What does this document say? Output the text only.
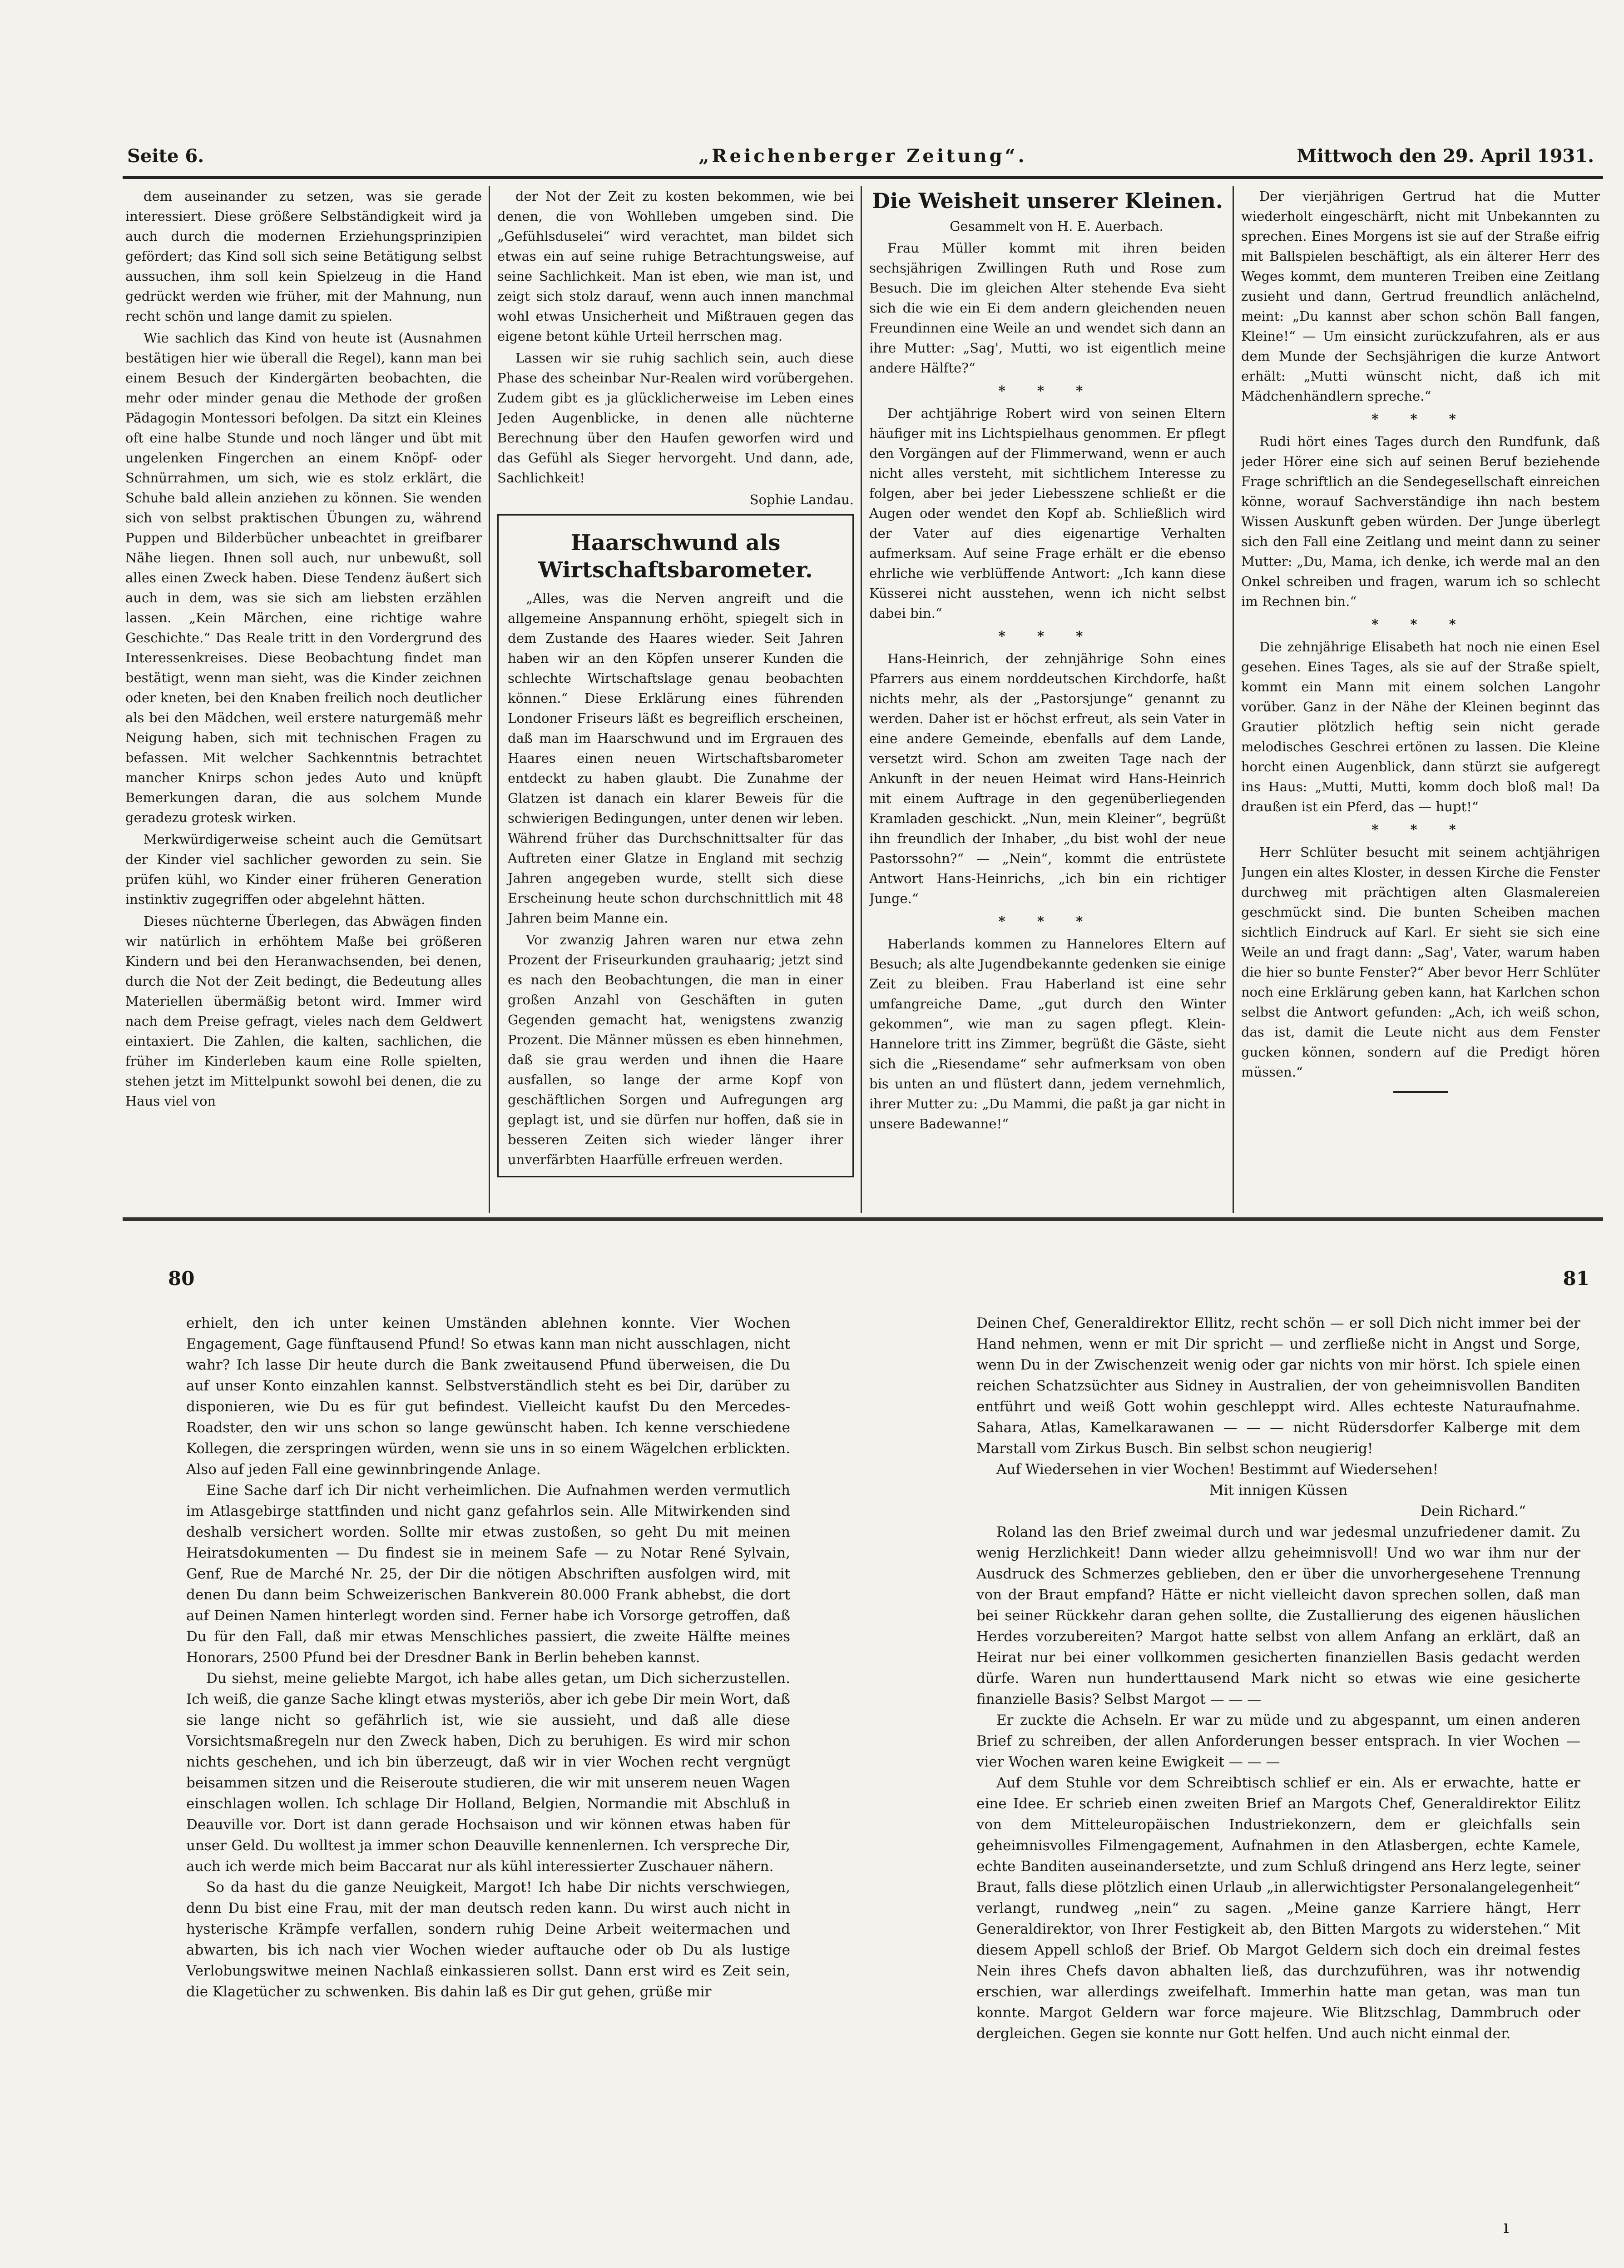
Seite 6.	„Reichenberger Zeitung“.	Mittwoch den 29. April 1931.

dem auseinander zu setzen, was sie gerade interessiert. Diese größere Selbständigkeit wird ja auch durch die modernen Erziehungsprinzipien gefördert; das Kind soll sich seine Betätigung selbst aussuchen, ihm soll kein Spielzeug in die Hand gedrückt werden wie früher, mit der Mahnung, nun recht schön und lange damit zu spielen.

Wie sachlich das Kind von heute ist (Ausnahmen bestätigen hier wie überall die Regel), kann man bei einem Besuch der Kindergärten beobachten, die mehr oder minder genau die Methode der großen Pädagogin Montessori befolgen. Da sitzt ein Kleines oft eine halbe Stunde und noch länger und übt mit ungelenken Fingerchen an einem Knöpf- oder Schnürrahmen, um sich, wie es stolz erklärt, die Schuhe bald allein anziehen zu können. Sie wenden sich von selbst praktischen Übungen zu, während Puppen und Bilderbücher unbeachtet in greifbarer Nähe liegen. Ihnen soll auch, nur unbewußt, soll alles einen Zweck haben. Diese Tendenz äußert sich auch in dem, was sie sich am liebsten erzählen lassen. „Kein Märchen, eine richtige wahre Geschichte.“ Das Reale tritt in den Vordergrund des Interessenkreises. Diese Beobachtung findet man bestätigt, wenn man sieht, was die Kinder zeichnen oder kneten, bei den Knaben freilich noch deutlicher als bei den Mädchen, weil erstere naturgemäß mehr Neigung haben, sich mit technischen Fragen zu befassen. Mit welcher Sachkenntnis betrachtet mancher Knirps schon jedes Auto und knüpft Bemerkungen daran, die aus solchem Munde geradezu grotesk wirken.

Merkwürdigerweise scheint auch die Gemütsart der Kinder viel sachlicher geworden zu sein. Sie prüfen kühl, wo Kinder einer früheren Generation instinktiv zugegriffen oder abgelehnt hätten.

Dieses nüchterne Überlegen, das Abwägen finden wir natürlich in erhöhtem Maße bei größeren Kindern und bei den Heranwachsenden, bei denen, durch die Not der Zeit bedingt, die Bedeutung alles Materiellen übermäßig betont wird. Immer wird nach dem Preise gefragt, vieles nach dem Geldwert eintaxiert. Die Zahlen, die kalten, sachlichen, die früher im Kinderleben kaum eine Rolle spielten, stehen jetzt im Mittelpunkt sowohl bei denen, die zu Haus viel von

der Not der Zeit zu kosten bekommen, wie bei denen, die von Wohlleben umgeben sind. Die „Gefühlsduselei“ wird verachtet, man bildet sich etwas ein auf seine ruhige Betrachtungsweise, auf seine Sachlichkeit. Man ist eben, wie man ist, und zeigt sich stolz darauf, wenn auch innen manchmal wohl etwas Unsicherheit und Mißtrauen gegen das eigene betont kühle Urteil herrschen mag.

Lassen wir sie ruhig sachlich sein, auch diese Phase des scheinbar Nur-Realen wird vorübergehen. Zudem gibt es ja glücklicherweise im Leben eines Jeden Augenblicke, in denen alle nüchterne Berechnung über den Haufen geworfen wird und das Gefühl als Sieger hervorgeht. Und dann, ade, Sachlichkeit!

Sophie Landau.

Haarschwund als Wirtschaftsbarometer.

„Alles, was die Nerven angreift und die allgemeine Anspannung erhöht, spiegelt sich in dem Zustande des Haares wieder. Seit Jahren haben wir an den Köpfen unserer Kunden die schlechte Wirtschaftslage genau beobachten können.“ Diese Erklärung eines führenden Londoner Friseurs läßt es begreiflich erscheinen, daß man im Haarschwund und im Ergrauen des Haares einen neuen Wirtschaftsbarometer entdeckt zu haben glaubt. Die Zunahme der Glatzen ist danach ein klarer Beweis für die schwierigen Bedingungen, unter denen wir leben. Während früher das Durchschnittsalter für das Auftreten einer Glatze in England mit sechzig Jahren angegeben wurde, stellt sich diese Erscheinung heute schon durchschnittlich mit 48 Jahren beim Manne ein.

Vor zwanzig Jahren waren nur etwa zehn Prozent der Friseurkunden grauhaarig; jetzt sind es nach den Beobachtungen, die man in einer großen Anzahl von Geschäften in guten Gegenden gemacht hat, wenigstens zwanzig Prozent. Die Männer müssen es eben hinnehmen, daß sie grau werden und ihnen die Haare ausfallen, so lange der arme Kopf von geschäftlichen Sorgen und Aufregungen arg geplagt ist, und sie dürfen nur hoffen, daß sie in besseren Zeiten sich wieder länger ihrer unverfärbten Haarfülle erfreuen werden.

Die Weisheit unserer Kleinen.

Gesammelt von H. E. Auerbach.

Frau Müller kommt mit ihren beiden sechsjährigen Zwillingen Ruth und Rose zum Besuch. Die im gleichen Alter stehende Eva sieht sich die wie ein Ei dem andern gleichenden neuen Freundinnen eine Weile an und wendet sich dann an ihre Mutter: „Sag', Mutti, wo ist eigentlich meine andere Hälfte?“

* * *

Der achtjährige Robert wird von seinen Eltern häufiger mit ins Lichtspielhaus genommen. Er pflegt den Vorgängen auf der Flimmerwand, wenn er auch nicht alles versteht, mit sichtlichem Interesse zu folgen, aber bei jeder Liebesszene schließt er die Augen oder wendet den Kopf ab. Schließlich wird der Vater auf dies eigenartige Verhalten aufmerksam. Auf seine Frage erhält er die ebenso ehrliche wie verblüffende Antwort: „Ich kann diese Küsserei nicht ausstehen, wenn ich nicht selbst dabei bin.“

* * *

Hans-Heinrich, der zehnjährige Sohn eines Pfarrers aus einem norddeutschen Kirchdorfe, haßt nichts mehr, als der „Pastorsjunge“ genannt zu werden. Daher ist er höchst erfreut, als sein Vater in eine andere Gemeinde, ebenfalls auf dem Lande, versetzt wird. Schon am zweiten Tage nach der Ankunft in der neuen Heimat wird Hans-Heinrich mit einem Auftrage in den gegenüberliegenden Kramladen geschickt. „Nun, mein Kleiner“, begrüßt ihn freundlich der Inhaber, „du bist wohl der neue Pastorssohn?“ — „Nein“, kommt die entrüstete Antwort Hans-Heinrichs, „ich bin ein richtiger Junge.“

* * *

Haberlands kommen zu Hannelores Eltern auf Besuch; als alte Jugendbekannte gedenken sie einige Zeit zu bleiben. Frau Haberland ist eine sehr umfangreiche Dame, „gut durch den Winter gekommen“, wie man zu sagen pflegt. Klein-Hannelore tritt ins Zimmer, begrüßt die Gäste, sieht sich die „Riesendame“ sehr aufmerksam von oben bis unten an und flüstert dann, jedem vernehmlich, ihrer Mutter zu: „Du Mammi, die paßt ja gar nicht in unsere Badewanne!“

Der vierjährigen Gertrud hat die Mutter wiederholt eingeschärft, nicht mit Unbekannten zu sprechen. Eines Morgens ist sie auf der Straße eifrig mit Ballspielen beschäftigt, als ein älterer Herr des Weges kommt, dem munteren Treiben eine Zeitlang zusieht und dann, Gertrud freundlich anlächelnd, meint: „Du kannst aber schon schön Ball fangen, Kleine!“ — Um einsicht zurückzufahren, als er aus dem Munde der Sechsjährigen die kurze Antwort erhält: „Mutti wünscht nicht, daß ich mit Mädchenhändlern spreche.“

* * *

Rudi hört eines Tages durch den Rundfunk, daß jeder Hörer eine sich auf seinen Beruf beziehende Frage schriftlich an die Sendegesellschaft einreichen könne, worauf Sachverständige ihn nach bestem Wissen Auskunft geben würden. Der Junge überlegt sich den Fall eine Zeitlang und meint dann zu seiner Mutter: „Du, Mama, ich denke, ich werde mal an den Onkel schreiben und fragen, warum ich so schlecht im Rechnen bin.“

* * *

Die zehnjährige Elisabeth hat noch nie einen Esel gesehen. Eines Tages, als sie auf der Straße spielt, kommt ein Mann mit einem solchen Langohr vorüber. Ganz in der Nähe der Kleinen beginnt das Grautier plötzlich heftig sein nicht gerade melodisches Geschrei ertönen zu lassen. Die Kleine horcht einen Augenblick, dann stürzt sie aufgeregt ins Haus: „Mutti, Mutti, komm doch bloß mal! Da draußen ist ein Pferd, das — hupt!“

* * *

Herr Schlüter besucht mit seinem achtjährigen Jungen ein altes Kloster, in dessen Kirche die Fenster durchweg mit prächtigen alten Glasmalereien geschmückt sind. Die bunten Scheiben machen sichtlich Eindruck auf Karl. Er sieht sie sich eine Weile an und fragt dann: „Sag', Vater, warum haben die hier so bunte Fenster?“ Aber bevor Herr Schlüter noch eine Erklärung geben kann, hat Karlchen schon selbst die Antwort gefunden: „Ach, ich weiß schon, das ist, damit die Leute nicht aus dem Fenster gucken können, sondern auf die Predigt hören müssen.“

80	81

erhielt, den ich unter keinen Umständen ablehnen konnte. Vier Wochen Engagement, Gage fünftausend Pfund! So etwas kann man nicht ausschlagen, nicht wahr? Ich lasse Dir heute durch die Bank zweitausend Pfund überweisen, die Du auf unser Konto einzahlen kannst. Selbstverständlich steht es bei Dir, darüber zu disponieren, wie Du es für gut befindest. Vielleicht kaufst Du den Mercedes-Roadster, den wir uns schon so lange gewünscht haben. Ich kenne verschiedene Kollegen, die zerspringen würden, wenn sie uns in so einem Wägelchen erblickten. Also auf jeden Fall eine gewinnbringende Anlage.

Eine Sache darf ich Dir nicht verheimlichen. Die Aufnahmen werden vermutlich im Atlasgebirge stattfinden und nicht ganz gefahrlos sein. Alle Mitwirkenden sind deshalb versichert worden. Sollte mir etwas zustoßen, so geht Du mit meinen Heiratsdokumenten — Du findest sie in meinem Safe — zu Notar René Sylvain, Genf, Rue de Marché Nr. 25, der Dir die nötigen Abschriften ausfolgen wird, mit denen Du dann beim Schweizerischen Bankverein 80.000 Frank abhebst, die dort auf Deinen Namen hinterlegt worden sind. Ferner habe ich Vorsorge getroffen, daß Du für den Fall, daß mir etwas Menschliches passiert, die zweite Hälfte meines Honorars, 2500 Pfund bei der Dresdner Bank in Berlin beheben kannst.

Du siehst, meine geliebte Margot, ich habe alles getan, um Dich sicherzustellen. Ich weiß, die ganze Sache klingt etwas mysteriös, aber ich gebe Dir mein Wort, daß sie lange nicht so gefährlich ist, wie sie aussieht, und daß alle diese Vorsichtsmaßregeln nur den Zweck haben, Dich zu beruhigen. Es wird mir schon nichts geschehen, und ich bin überzeugt, daß wir in vier Wochen recht vergnügt beisammen sitzen und die Reiseroute studieren, die wir mit unserem neuen Wagen einschlagen wollen. Ich schlage Dir Holland, Belgien, Normandie mit Abschluß in Deauville vor. Dort ist dann gerade Hochsaison und wir können etwas haben für unser Geld. Du wolltest ja immer schon Deauville kennenlernen. Ich verspreche Dir, auch ich werde mich beim Baccarat nur als kühl interessierter Zuschauer nähern.

So da hast du die ganze Neuigkeit, Margot! Ich habe Dir nichts verschwiegen, denn Du bist eine Frau, mit der man deutsch reden kann. Du wirst auch nicht in hysterische Krämpfe verfallen, sondern ruhig Deine Arbeit weitermachen und abwarten, bis ich nach vier Wochen wieder auftauche oder ob Du als lustige Verlobungswitwe meinen Nachlaß einkassieren sollst. Dann erst wird es Zeit sein, die Klagetücher zu schwenken. Bis dahin laß es Dir gut gehen, grüße mir

Deinen Chef, Generaldirektor Ellitz, recht schön — er soll Dich nicht immer bei der Hand nehmen, wenn er mit Dir spricht — und zerfließe nicht in Angst und Sorge, wenn Du in der Zwischenzeit wenig oder gar nichts von mir hörst. Ich spiele einen reichen Schatzsüchter aus Sidney in Australien, der von geheimnisvollen Banditen entführt und weiß Gott wohin geschleppt wird. Alles echteste Naturaufnahme. Sahara, Atlas, Kamelkarawanen — — — nicht Rüdersdorfer Kalberge mit dem Marstall vom Zirkus Busch. Bin selbst schon neugierig!

Auf Wiedersehen in vier Wochen! Bestimmt auf Wiedersehen!

Mit innigen Küssen

Dein Richard.“

Roland las den Brief zweimal durch und war jedesmal unzufriedener damit. Zu wenig Herzlichkeit! Dann wieder allzu geheimnisvoll! Und wo war ihm nur der Ausdruck des Schmerzes geblieben, den er über die unvorhergesehene Trennung von der Braut empfand? Hätte er nicht vielleicht davon sprechen sollen, daß man bei seiner Rückkehr daran gehen sollte, die Zustallierung des eigenen häuslichen Herdes vorzubereiten? Margot hatte selbst von allem Anfang an erklärt, daß an Heirat nur bei einer vollkommen gesicherten finanziellen Basis gedacht werden dürfe. Waren nun hunderttausend Mark nicht so etwas wie eine gesicherte finanzielle Basis? Selbst Margot — — —

Er zuckte die Achseln. Er war zu müde und zu abgespannt, um einen anderen Brief zu schreiben, der allen Anforderungen besser entsprach. In vier Wochen — vier Wochen waren keine Ewigkeit — — —

Auf dem Stuhle vor dem Schreibtisch schlief er ein. Als er erwachte, hatte er eine Idee. Er schrieb einen zweiten Brief an Margots Chef, Generaldirektor Eilitz von dem Mitteleuropäischen Industriekonzern, dem er gleichfalls sein geheimnisvolles Filmengagement, Aufnahmen in den Atlasbergen, echte Kamele, echte Banditen auseinandersetzte, und zum Schluß dringend ans Herz legte, seiner Braut, falls diese plötzlich einen Urlaub „in allerwichtigster Personalangelegenheit“ verlangt, rundweg „nein“ zu sagen. „Meine ganze Karriere hängt, Herr Generaldirektor, von Ihrer Festigkeit ab, den Bitten Margots zu widerstehen.“ Mit diesem Appell schloß der Brief. Ob Margot Geldern sich doch ein dreimal festes Nein ihres Chefs davon abhalten ließ, das durchzuführen, was ihr notwendig erschien, war allerdings zweifelhaft. Immerhin hatte man getan, was man tun konnte. Margot Geldern war force majeure. Wie Blitzschlag, Dammbruch oder dergleichen. Gegen sie konnte nur Gott helfen. Und auch nicht einmal der.

ı
